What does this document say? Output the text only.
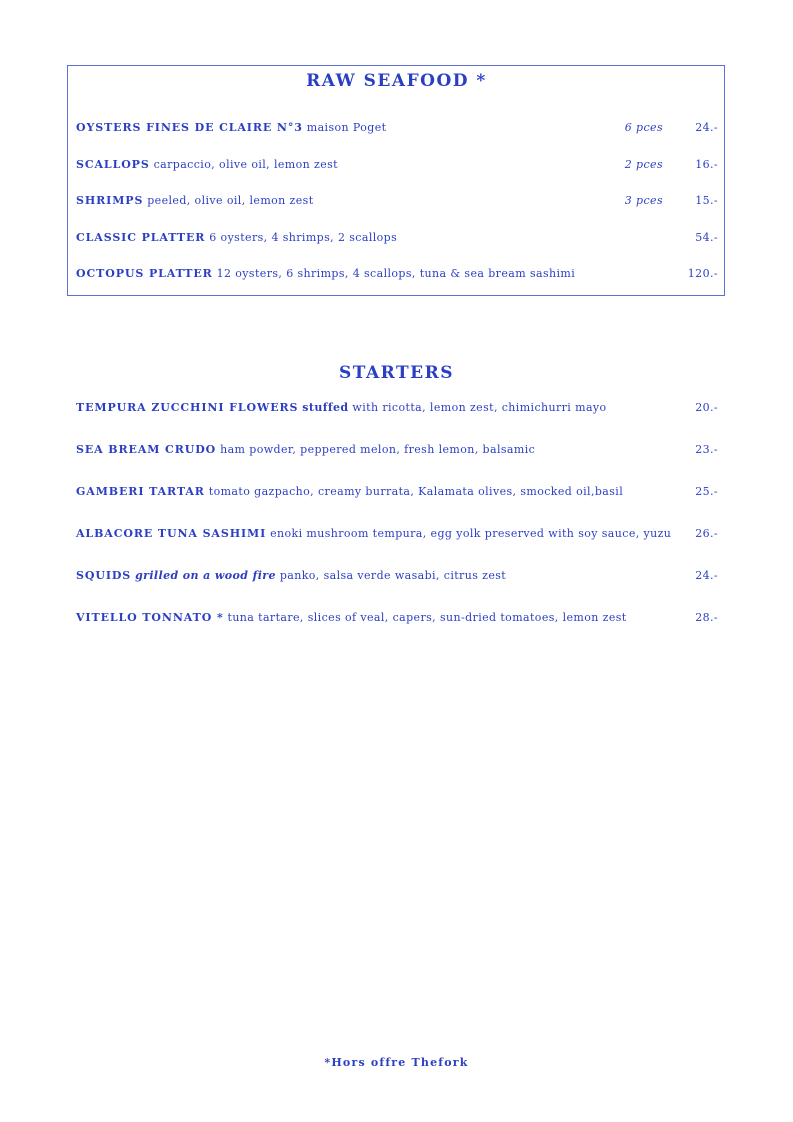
RAW SEAFOOD *
OYSTERS FINES DE CLAIRE N°3 maison Poget	6 pces	24.-
SCALLOPS carpaccio, olive oil, lemon zest	2 pces	16.-
SHRIMPS peeled, olive oil, lemon zest	3 pces	15.-
CLASSIC PLATTER 6 oysters, 4 shrimps, 2 scallops	54.-
OCTOPUS PLATTER 12 oysters, 6 shrimps, 4 scallops, tuna & sea bream sashimi	120.-
STARTERS
TEMPURA ZUCCHINI FLOWERS stuffed with ricotta, lemon zest, chimichurri mayo	20.-
SEA BREAM CRUDO ham powder, peppered melon, fresh lemon, balsamic	23.-
GAMBERI TARTAR tomato gazpacho, creamy burrata, Kalamata olives, smocked oil,basil	25.-
ALBACORE TUNA SASHIMI enoki mushroom tempura, egg yolk preserved with soy sauce, yuzu 26.-
SQUIDS grilled on a wood fire panko, salsa verde wasabi, citrus zest	24.-
VITELLO TONNATO * tuna tartare, slices of veal, capers, sun-dried tomatoes, lemon zest	28.-
*Hors offre Thefork
